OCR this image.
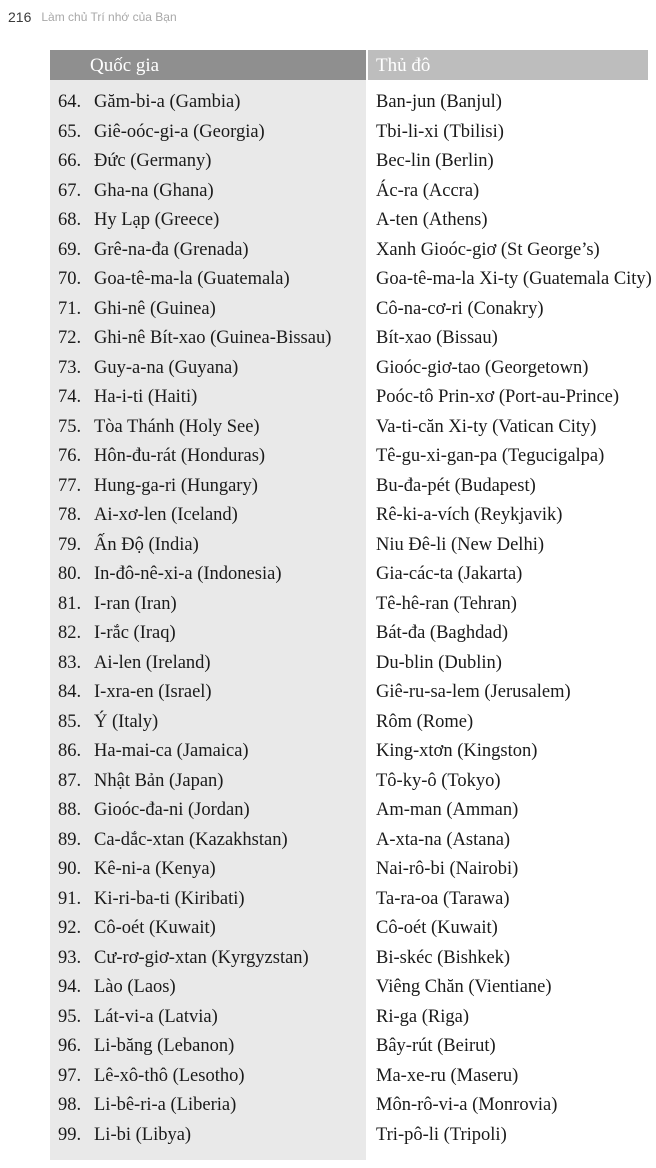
216 Làm chủ Trí nhớ của Bạn
Quốc gia
64. Găm-bi-a (Gambia)
65. Giê-oóc-gi-a (Georgia)
66. Đức (Germany)
67. Gha-na (Ghana)
68. Hy Lạp (Greece)
69. Grê-na-đa (Grenada)
70. Goa-tê-ma-la (Guatemala)
71. Ghi-nê (Guinea)
72. Ghi-nê Bít-xao (Guinea-Bissau)
73. Guy-a-na (Guyana)
74. Ha-i-ti (Haiti)
75. Tòa Thánh (Holy See)
76. Hôn-đu-rát (Honduras)
77. Hung-ga-ri (Hungary)
78. Ai-xơ-len (Iceland)
79. Ấn Độ (India)
80. In-đô-nê-xi-a (Indonesia)
81. I-ran (Iran)
82. I-rắc (Iraq)
83. Ai-len (Ireland)
84. I-xra-en (Israel)
85. Ý (Italy)
86. Ha-mai-ca (Jamaica)
87. Nhật Bản (Japan)
88. Gioóc-đa-ni (Jordan)
89. Ca-dắc-xtan (Kazakhstan)
90. Kê-ni-a (Kenya)
91. Ki-ri-ba-ti (Kiribati)
92. Cô-oét (Kuwait)
93. Cư-rơ-giơ-xtan (Kyrgyzstan)
94. Lào (Laos)
95. Lát-vi-a (Latvia)
96. Li-băng (Lebanon)
97. Lê-xô-thô (Lesotho)
98. Li-bê-ri-a (Liberia)
99. Li-bi (Libya)
Thủ đô
Ban-jun (Banjul)
Tbi-li-xi (Tbilisi)
Bec-lin (Berlin)
Ác-ra (Accra)
A-ten (Athens)
Xanh Gioóc-giơ (St George’s)
Goa-tê-ma-la Xi-ty (Guatemala City)
Cô-na-cơ-ri (Conakry)
Bít-xao (Bissau)
Gioóc-giơ-tao (Georgetown)
Poóc-tô Prin-xơ (Port-au-Prince)
Va-ti-căn Xi-ty (Vatican City)
Tê-gu-xi-gan-pa (Tegucigalpa)
Bu-đa-pét (Budapest)
Rê-ki-a-vích (Reykjavik)
Niu Đê-li (New Delhi)
Gia-các-ta (Jakarta)
Tê-hê-ran (Tehran)
Bát-đa (Baghdad)
Du-blin (Dublin)
Giê-ru-sa-lem (Jerusalem)
Rôm (Rome)
King-xtơn (Kingston)
Tô-ky-ô (Tokyo)
Am-man (Amman)
A-xta-na (Astana)
Nai-rô-bi (Nairobi)
Ta-ra-oa (Tarawa)
Cô-oét (Kuwait)
Bi-skéc (Bishkek)
Viêng Chăn (Vientiane)
Ri-ga (Riga)
Bây-rút (Beirut)
Ma-xe-ru (Maseru)
Môn-rô-vi-a (Monrovia)
Tri-pô-li (Tripoli)
